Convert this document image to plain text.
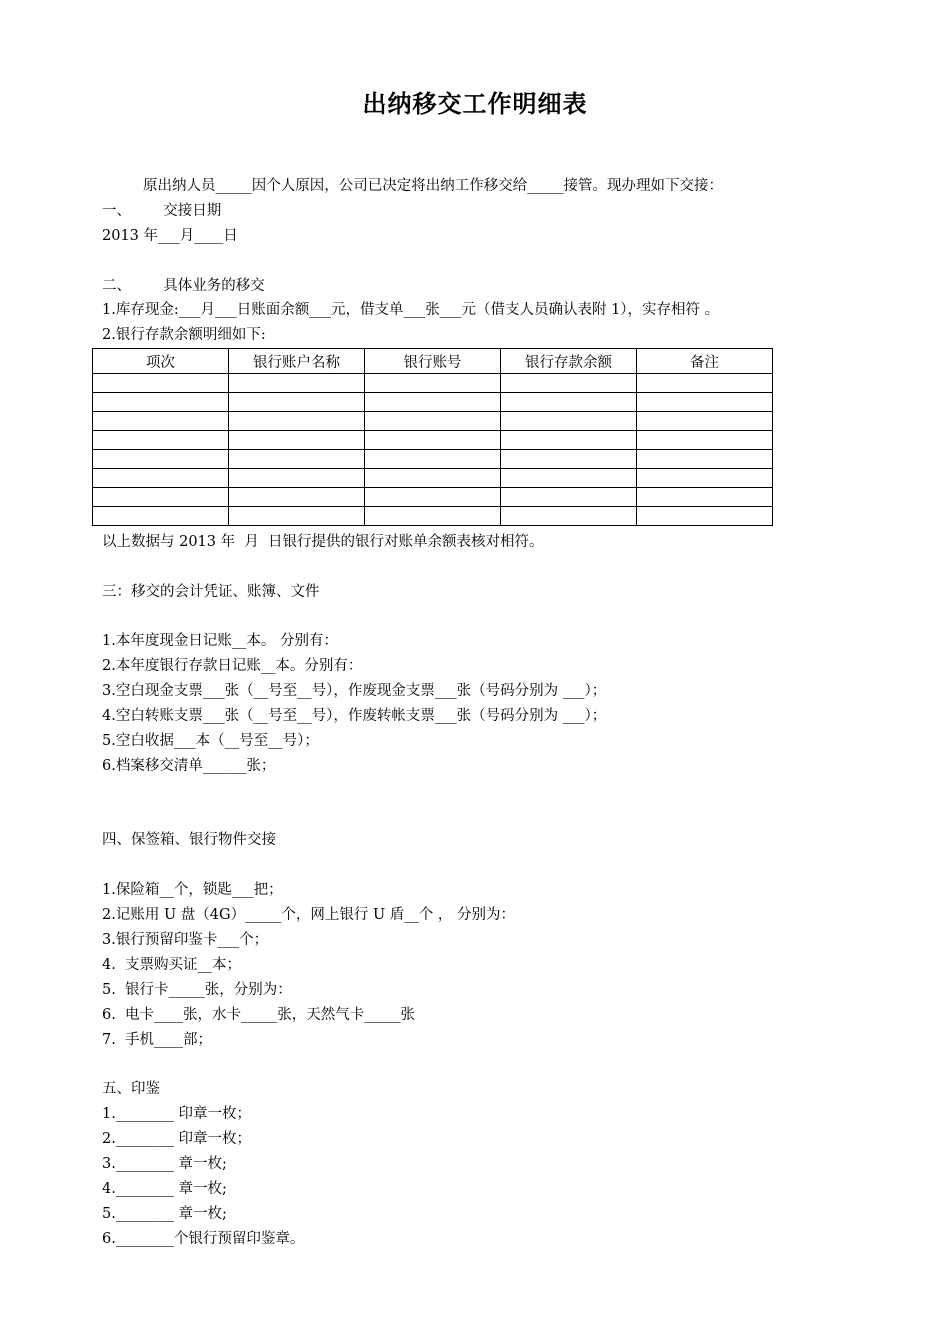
出纳移交工作明细表
原出纳人员_____因个人原因，公司已决定将出纳工作移交给_____接管。现办理如下交接：
一、       交接日期
2013 年___月____日
二、       具体业务的移交
1.库存现金:___月___日账面余额___元，借支单___张___元（借支人员确认表附 1），实存相符 。
2.银行存款余额明细如下:
项次	银行账户名称	银行账号	银行存款余额	备注

以上数据与 2013 年  月  日银行提供的银行对账单余额表核对相符。
三：移交的会计凭证、账簿、文件
1.本年度现金日记账__本。 分别有：
2.本年度银行存款日记账__本。分别有：
3.空白现金支票___张（__号至__号），作废现金支票___张（号码分别为 ___）；
4.空白转账支票___张（__号至__号），作废转帐支票___张（号码分别为 ___）；
5.空白收据___本（__号至__号）；
6.档案移交清单______张；
四、保签箱、银行物件交接
1.保险箱__个，锁匙___把；
2.记账用 U 盘（4G）_____个，网上银行 U 盾__个 ， 分别为：
3.银行预留印鉴卡___个；
4.  支票购买证__本；
5.  银行卡_____张，分别为：
6.  电卡____张，水卡_____张，天然气卡_____张
7.  手机____部；
五、印鉴
1.________ 印章一枚；
2.________ 印章一枚；
3.________ 章一枚;
4.________ 章一枚;
5.________ 章一枚;
6.________个银行预留印鉴章。
